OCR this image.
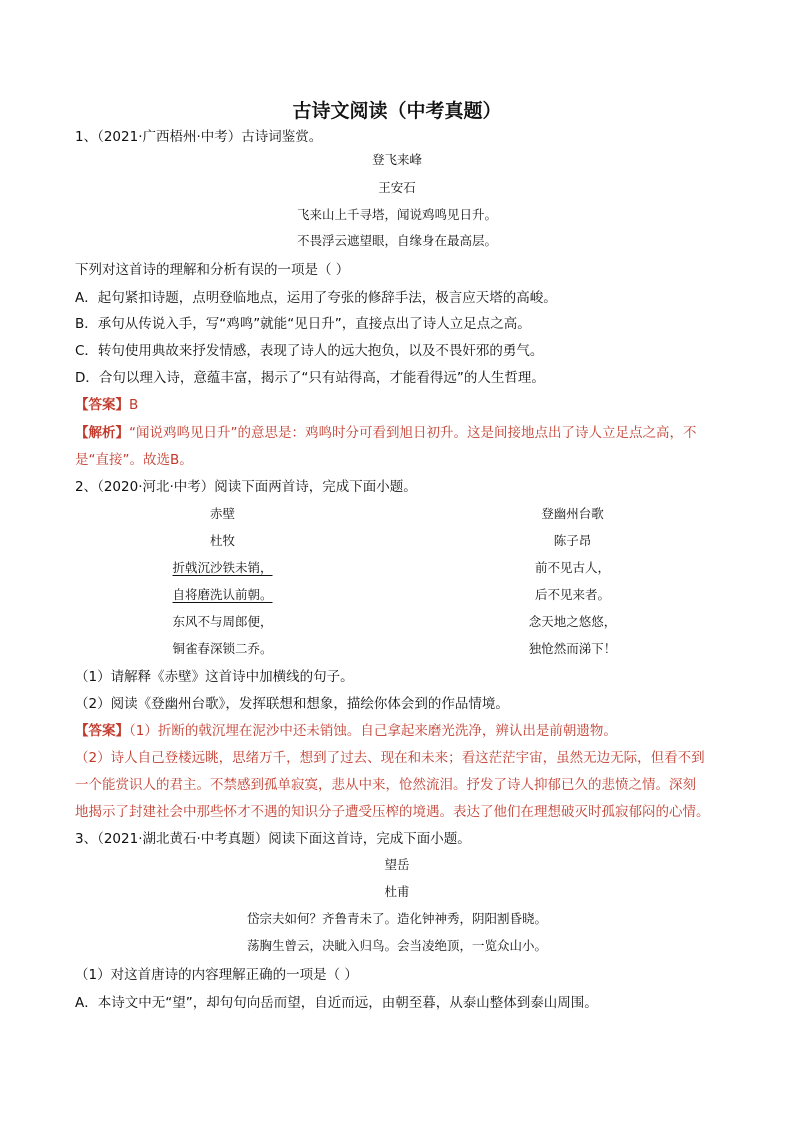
古诗文阅读（中考真题）
1、（2021·广西梧州·中考）古诗词鉴赏。
登飞来峰
王安石
飞来山上千寻塔，闻说鸡鸣见日升。
不畏浮云遮望眼，自缘身在最高层。
下列对这首诗的理解和分析有误的一项是（ ）
A．起句紧扣诗题，点明登临地点，运用了夸张的修辞手法，极言应天塔的高峻。
B．承句从传说入手，写“鸡鸣”就能“见日升”，直接点出了诗人立足点之高。
C．转句使用典故来抒发情感，表现了诗人的远大抱负，以及不畏奸邪的勇气。
D．合句以理入诗，意蕴丰富，揭示了“只有站得高，才能看得远”的人生哲理。
【答案】B
【解析】“闻说鸡鸣见日升”的意思是：鸡鸣时分可看到旭日初升。这是间接地点出了诗人立足点之高，不
是“直接”。故选B。
2、（2020·河北·中考）阅读下面两首诗，完成下面小题。
赤壁
杜牧
折戟沉沙铁未销，
自将磨洗认前朝。
东风不与周郎便，
铜雀春深锁二乔。
登幽州台歌
陈子昂
前不见古人，
后不见来者。
念天地之悠悠，
独怆然而涕下！
（1）请解释《赤壁》这首诗中加横线的句子。
（2）阅读《登幽州台歌》，发挥联想和想象，描绘你体会到的作品情境。
【答案】（1）折断的戟沉埋在泥沙中还未销蚀。自己拿起来磨光洗净，辨认出是前朝遗物。
（2）诗人自己登楼远眺，思绪万千，想到了过去、现在和未来；看这茫茫宇宙，虽然无边无际，但看不到
一个能赏识人的君主。不禁感到孤单寂寞，悲从中来，怆然流泪。抒发了诗人抑郁已久的悲愤之情。深刻
地揭示了封建社会中那些怀才不遇的知识分子遭受压榨的境遇。表达了他们在理想破灭时孤寂郁闷的心情。
3、（2021·湖北黄石·中考真题）阅读下面这首诗，完成下面小题。
望岳
杜甫
岱宗夫如何？齐鲁青未了。造化钟神秀，阴阳割昏晓。
荡胸生曾云，决眦入归鸟。会当凌绝顶，一览众山小。
（1）对这首唐诗的内容理解正确的一项是（ ）
A．本诗文中无“望”，却句句向岳而望，自近而远，由朝至暮，从泰山整体到泰山周围。
